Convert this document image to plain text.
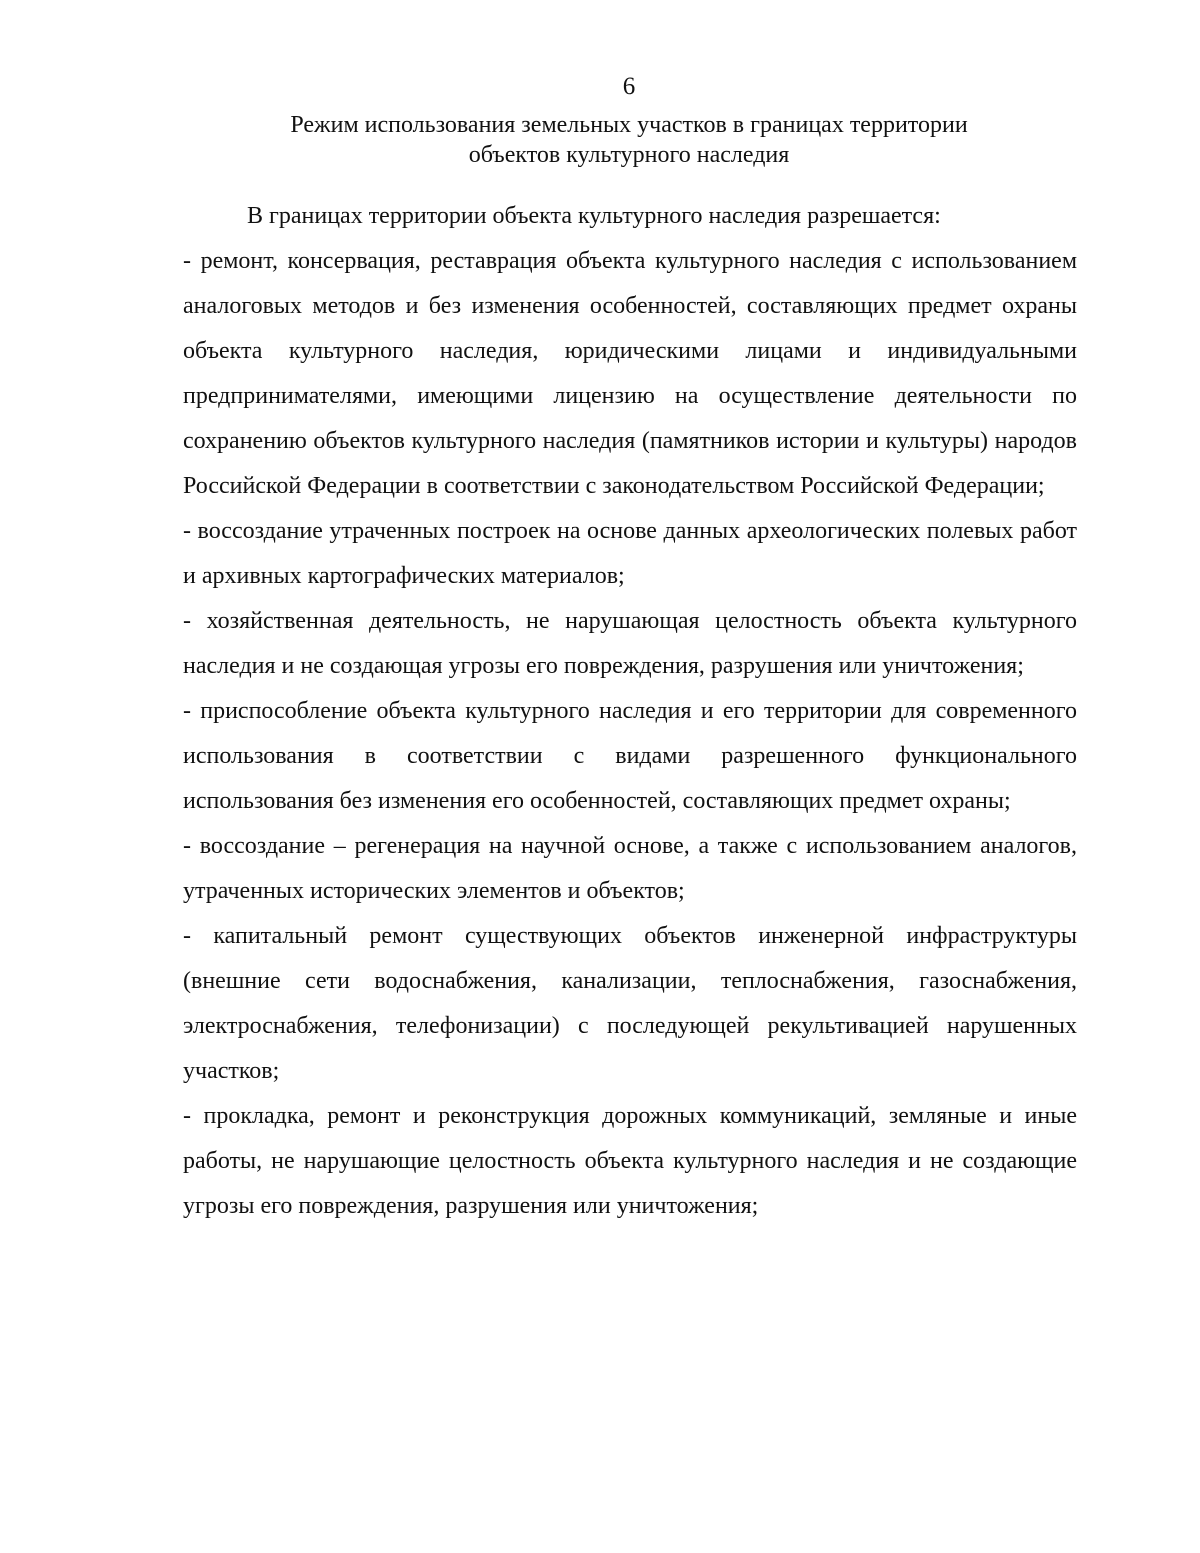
6
Режим использования земельных участков в границах территории
объектов культурного наследия

В границах территории объекта культурного наследия разрешается:

- ремонт, консервация, реставрация объекта культурного наследия с использованием аналоговых методов и без изменения особенностей, составляющих предмет охраны объекта культурного наследия, юридическими лицами и индивидуальными предпринимателями, имеющими лицензию на осуществление деятельности по сохранению объектов культурного наследия (памятников истории и культуры) народов Российской Федерации в соответствии с законодательством Российской Федерации;

- воссоздание утраченных построек на основе данных археологических полевых работ и архивных картографических материалов;

- хозяйственная деятельность, не нарушающая целостность объекта культурного наследия и не создающая угрозы его повреждения, разрушения или уничтожения;

- приспособление объекта культурного наследия и его территории для современного использования в соответствии с видами разрешенного функционального использования без изменения его особенностей, составляющих предмет охраны;

- воссоздание – регенерация на научной основе, а также с использованием аналогов, утраченных исторических элементов и объектов;

- капитальный ремонт существующих объектов инженерной инфраструктуры (внешние сети водоснабжения, канализации, теплоснабжения, газоснабжения, электроснабжения, телефонизации) с последующей рекультивацией нарушенных участков;

- прокладка, ремонт и реконструкция дорожных коммуникаций, земляные и иные работы, не нарушающие целостность объекта культурного наследия и не создающие угрозы его повреждения, разрушения или уничтожения;
